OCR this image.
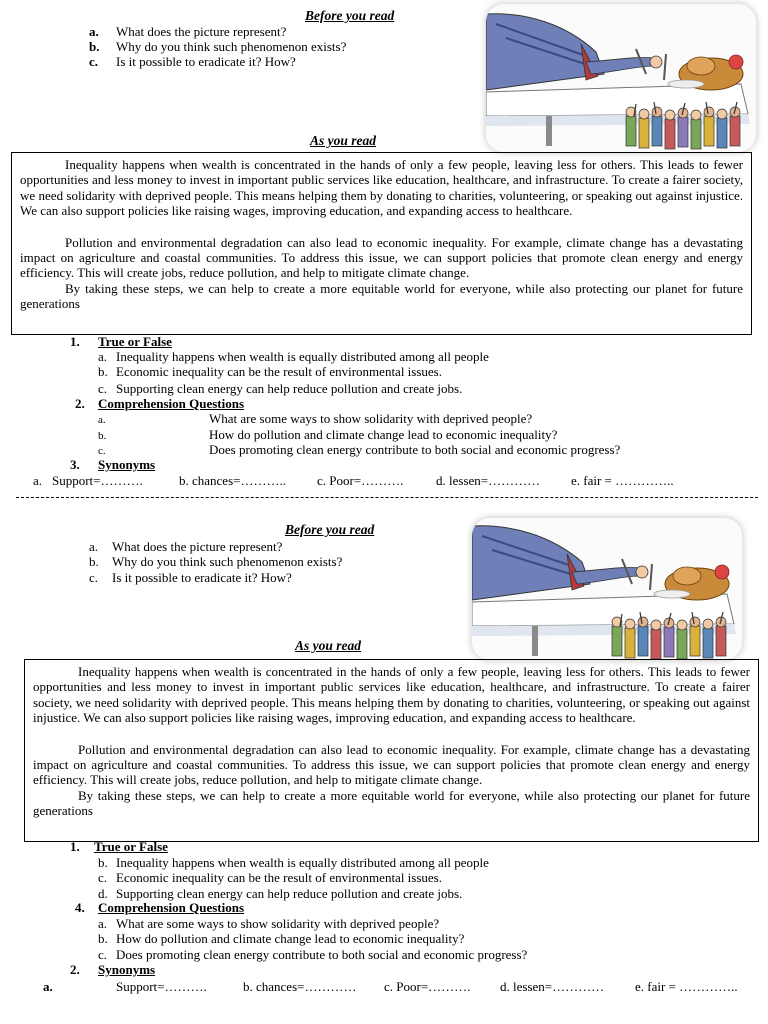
Before you read
a. What does the picture represent?
b. Why do you think such phenomenon exists?
c. Is it possible to eradicate it? How?
As you read

Inequality happens when wealth is concentrated in the hands of only a few people, leaving less for others. This leads to fewer opportunities and less money to invest in important public services like education, healthcare, and infrastructure. To create a fairer society, we need solidarity with deprived people. This means helping them by donating to charities, volunteering, or speaking out against injustice. We can also support policies like raising wages, improving education, and expanding access to healthcare.

Pollution and environmental degradation can also lead to economic inequality. For example, climate change has a devastating impact on agriculture and coastal communities. To address this issue, we can support policies that promote clean energy and energy efficiency. This will create jobs, reduce pollution, and help to mitigate climate change.

By taking these steps, we can help to create a more equitable world for everyone, while also protecting our planet for future generations

1. True or False
a. Inequality happens when wealth is equally distributed among all people
b. Economic inequality can be the result of environmental issues.
c. Supporting clean energy can help reduce pollution and create jobs.
2. Comprehension Questions
a.	What are some ways to show solidarity with deprived people?
b.	How do pollution and climate change lead to economic inequality?
c.	Does promoting clean energy contribute to both social and economic progress?
3. Synonyms
a. Support=……….	b. chances=……….. c. Poor=……….	d. lessen=………… e. fair = …………..
Before you read
a. What does the picture represent?
b. Why do you think such phenomenon exists?
c. Is it possible to eradicate it? How?
As you read

Inequality happens when wealth is concentrated in the hands of only a few people, leaving less for others. This leads to fewer opportunities and less money to invest in important public services like education, healthcare, and infrastructure. To create a fairer society, we need solidarity with deprived people. This means helping them by donating to charities, volunteering, or speaking out against injustice. We can also support policies like raising wages, improving education, and expanding access to healthcare.

Pollution and environmental degradation can also lead to economic inequality. For example, climate change has a devastating impact on agriculture and coastal communities. To address this issue, we can support policies that promote clean energy and energy efficiency. This will create jobs, reduce pollution, and help to mitigate climate change.

By taking these steps, we can help to create a more equitable world for everyone, while also protecting our planet for future generations

1. True or False
b. Inequality happens when wealth is equally distributed among all people
c. Economic inequality can be the result of environmental issues.
d. Supporting clean energy can help reduce pollution and create jobs.
4. Comprehension Questions
a. What are some ways to show solidarity with deprived people?
b. How do pollution and climate change lead to economic inequality?
c. Does promoting clean energy contribute to both social and economic progress?
2. Synonyms
a.	Support=……….	b. chances=………… c. Poor=………. d. lessen=………… e. fair = …………..
